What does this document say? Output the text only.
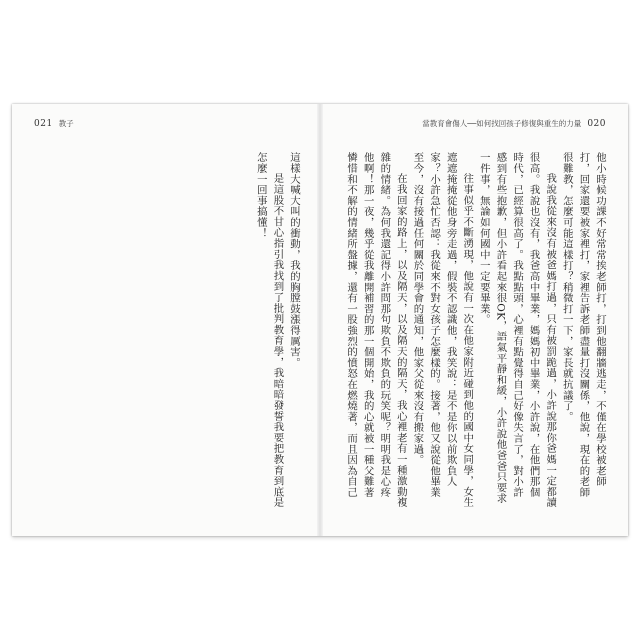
021 教子

這樣大喊大叫的衝動，我的胸膛鼓漲得厲害。

是這股不甘心指引我找到了批判教育學，我暗暗發誓我要把教育到底是怎麼一回事搞懂！

當教育會傷人──如何找回孩子修復與重生的力量 020

他小時候功課不好常常挨老師打，打到他翻牆逃走，不僅在學校被老師打，回家還要被家裡打，家裡告訴老師盡量打沒關係，他說，現在的老師很難教，怎麼可能這樣打？稍微打一下，家長就抗議了。

我說我從來沒有被爸媽打過，只有被罰跪過，小許說那你爸媽一定都讀很高。我說也沒有，我爸高中畢業，媽媽初中畢業，小許說，在他們那個時代，已經算很高了。我點點頭，心裡有點覺得自己好像失言了，對小許感到有些抱歉，但小許看起來很OK，語氣平靜和緩，小許說他爸爸只要求一件事，無論如何國中一定要畢業。

往事似乎不斷湧現，他說有一次在他家附近碰到他的國中女同學，女生遮遮掩掩從他身旁走過，假裝不認識他，我笑說：是不是你以前欺負人家？小許急忙否認：我從來不對女孩子怎麼樣的。接著，他又說從他畢業至今，沒有接過任何關於同學會的通知，他家父從來沒有搬家過。

在我回家的路上，以及隔天，以及隔天的隔天，我心裡老有一種激動複雜的情緒。為何我還記得小許問那句欺負不欺負的玩笑呢？明明我是心疼他啊！那一夜，幾乎從我離開補習的那一個開始，我的心就被一種父難著憐惜和不解的情緒所盤據，還有一股強烈的憤怒在燃燒著，而且因為自己
